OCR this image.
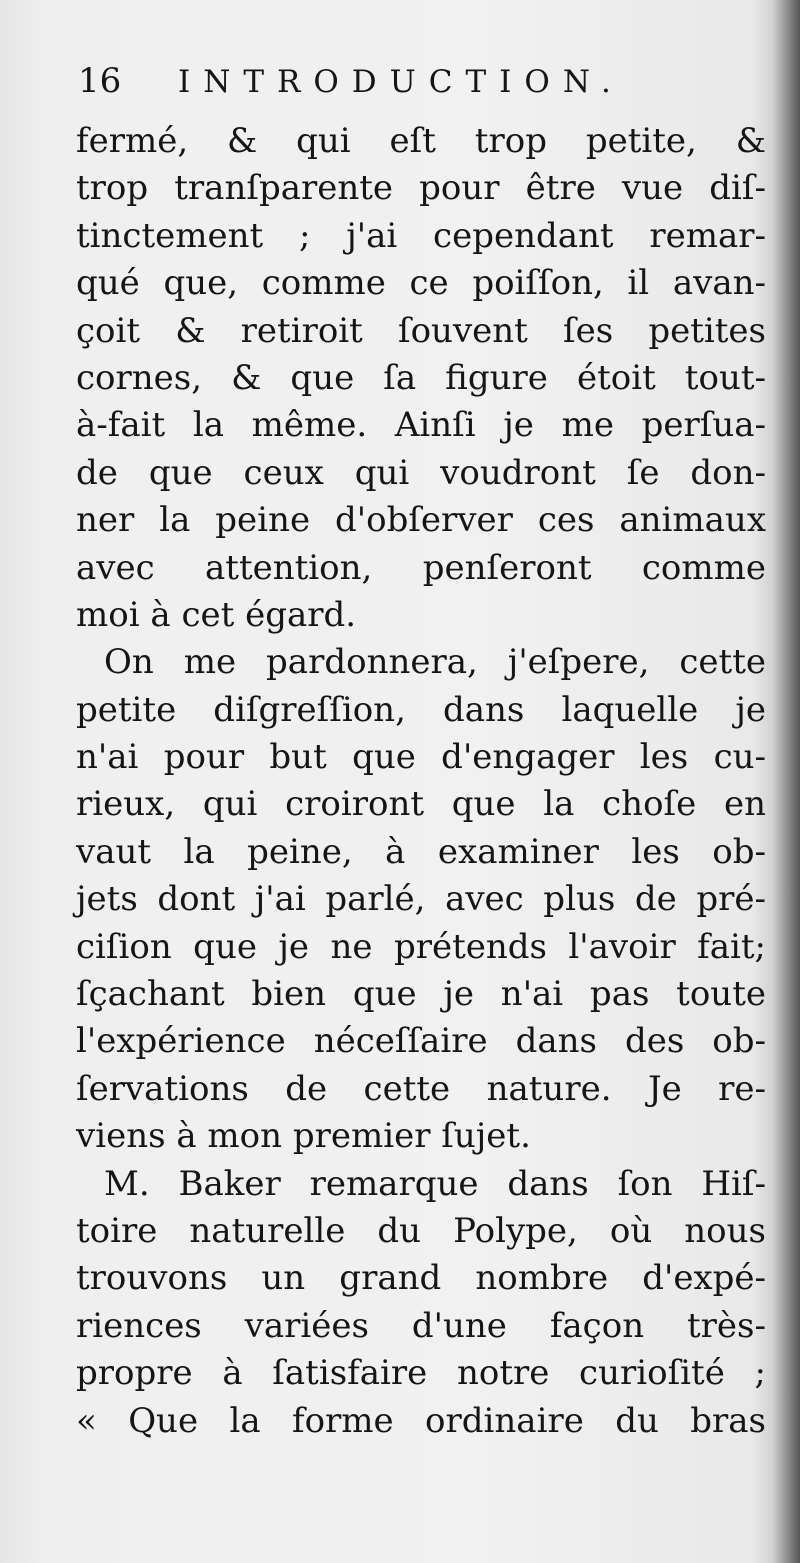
16 INTRODUCTION.
fermé, & qui eſt trop petite, &
trop tranſparente pour être vue diſ-
tinctement ; j'ai cependant remar-
qué que, comme ce poiſſon, il avan-
çoit & retiroit ſouvent ſes petites
cornes, & que ſa figure étoit tout-
à-fait la même. Ainſi je me perſua-
de que ceux qui voudront ſe don-
ner la peine d'obſerver ces animaux
avec attention, penſeront comme
moi à cet égard.
On me pardonnera, j'eſpere, cette
petite diſgreſſion, dans laquelle je
n'ai pour but que d'engager les cu-
rieux, qui croiront que la choſe en
vaut la peine, à examiner les ob-
jets dont j'ai parlé, avec plus de pré-
ciſion que je ne prétends l'avoir fait;
ſçachant bien que je n'ai pas toute
l'expérience néceſſaire dans des ob-
ſervations de cette nature. Je re-
viens à mon premier ſujet.
M. Baker remarque dans ſon Hiſ-
toire naturelle du Polype, où nous
trouvons un grand nombre d'expé-
riences variées d'une façon très-
propre à ſatisfaire notre curioſité ;
« Que la forme ordinaire du bras
